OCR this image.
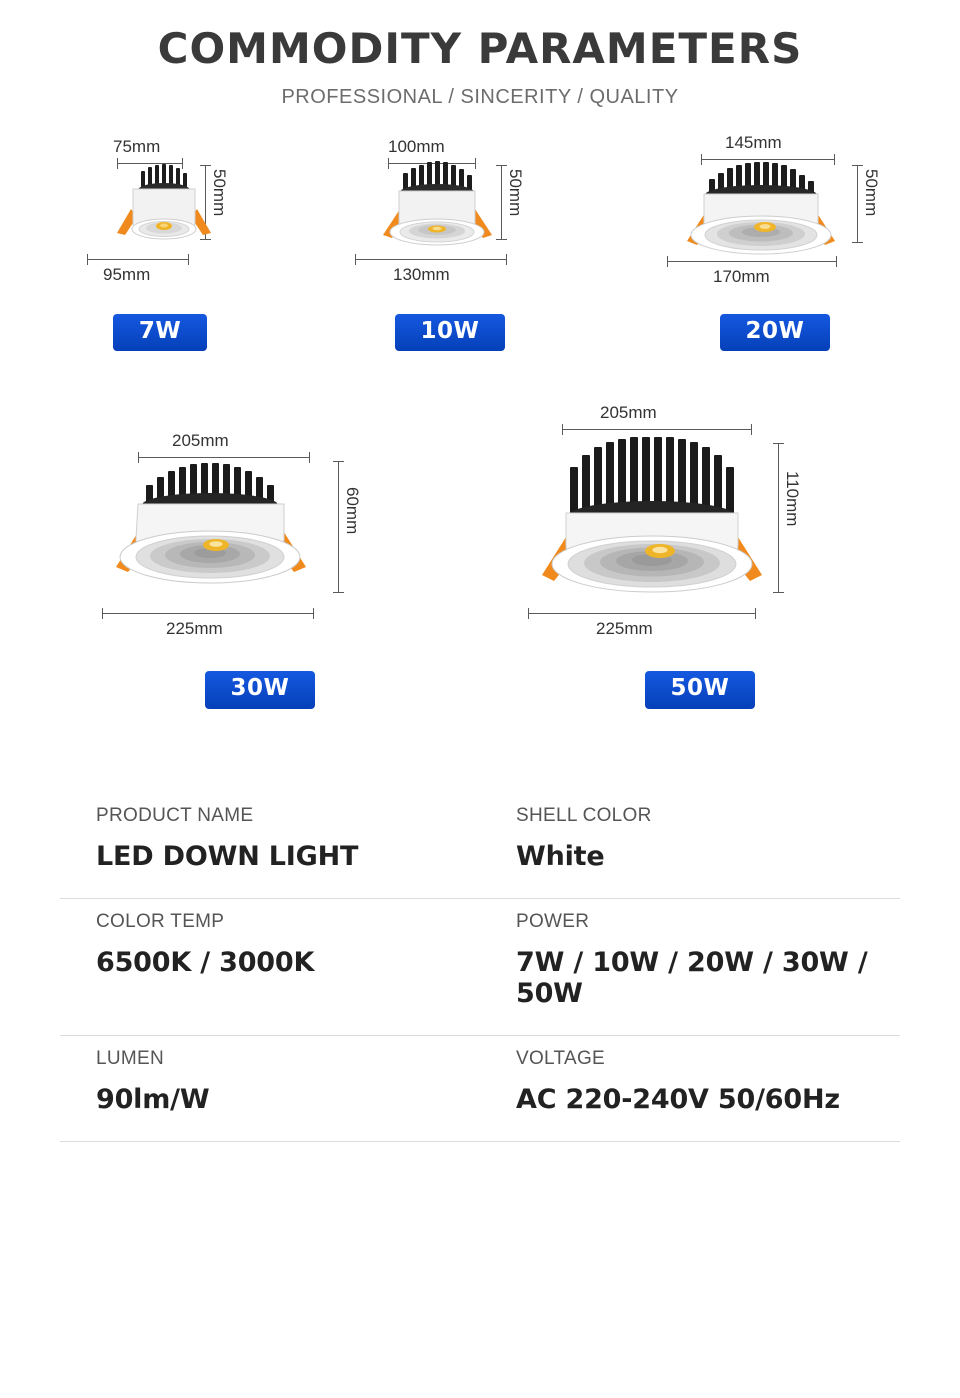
COMMODITY PARAMETERS
PROFESSIONAL / SINCERITY / QUALITY
75mm
50mm
95mm
7W
100mm
50mm
130mm
10W
145mm
50mm
170mm
20W
205mm
60mm
225mm
30W
205mm
110mm
225mm
50W
PRODUCT NAME
LED DOWN LIGHT
SHELL COLOR
White
COLOR TEMP
6500K / 3000K
POWER
7W / 10W / 20W / 30W / 50W
LUMEN
90lm/W
VOLTAGE
AC 220-240V 50/60Hz
